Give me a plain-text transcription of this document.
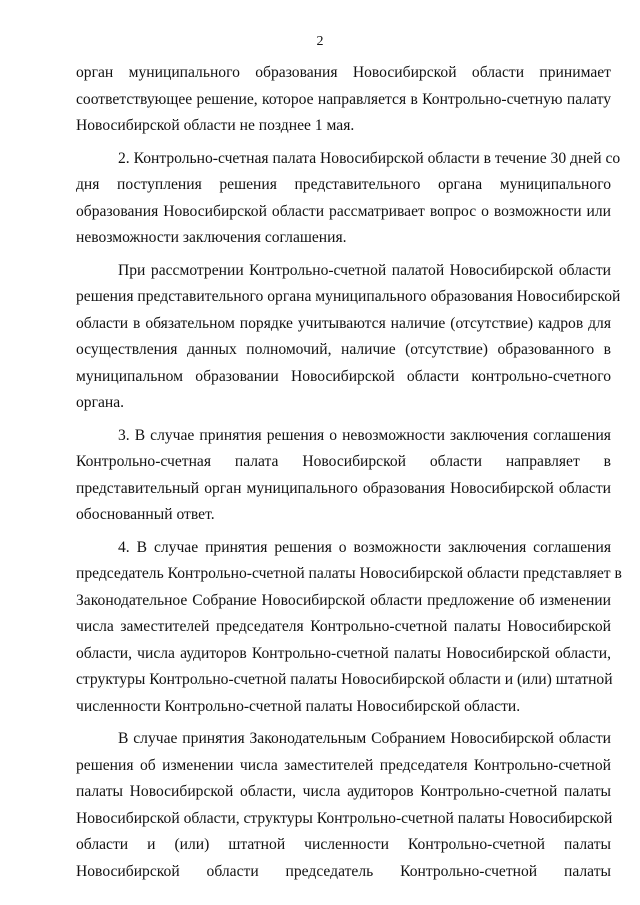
2
орган муниципального образования Новосибирской области принимает
соответствующее решение, которое направляется в Контрольно-счетную палату
Новосибирской области не позднее 1 мая.
2. Контрольно-счетная палата Новосибирской области в течение 30 дней со
дня поступления решения представительного органа муниципального
образования Новосибирской области рассматривает вопрос о возможности или
невозможности заключения соглашения.
При рассмотрении Контрольно-счетной палатой Новосибирской области
решения представительного органа муниципального образования Новосибирской
области в обязательном порядке учитываются наличие (отсутствие) кадров для
осуществления данных полномочий, наличие (отсутствие) образованного в
муниципальном образовании Новосибирской области контрольно-счетного
органа.
3. В случае принятия решения о невозможности заключения соглашения
Контрольно-счетная палата Новосибирской области направляет в
представительный орган муниципального образования Новосибирской области
обоснованный ответ.
4. В случае принятия решения о возможности заключения соглашения
председатель Контрольно-счетной палаты Новосибирской области представляет в
Законодательное Собрание Новосибирской области предложение об изменении
числа заместителей председателя Контрольно-счетной палаты Новосибирской
области, числа аудиторов Контрольно-счетной палаты Новосибирской области,
структуры Контрольно-счетной палаты Новосибирской области и (или) штатной
численности Контрольно-счетной палаты Новосибирской области.
В случае принятия Законодательным Собранием Новосибирской области
решения об изменении числа заместителей председателя Контрольно-счетной
палаты Новосибирской области, числа аудиторов Контрольно-счетной палаты
Новосибирской области, структуры Контрольно-счетной палаты Новосибирской
области и (или) штатной численности Контрольно-счетной палаты
Новосибирской области председатель Контрольно-счетной палаты
